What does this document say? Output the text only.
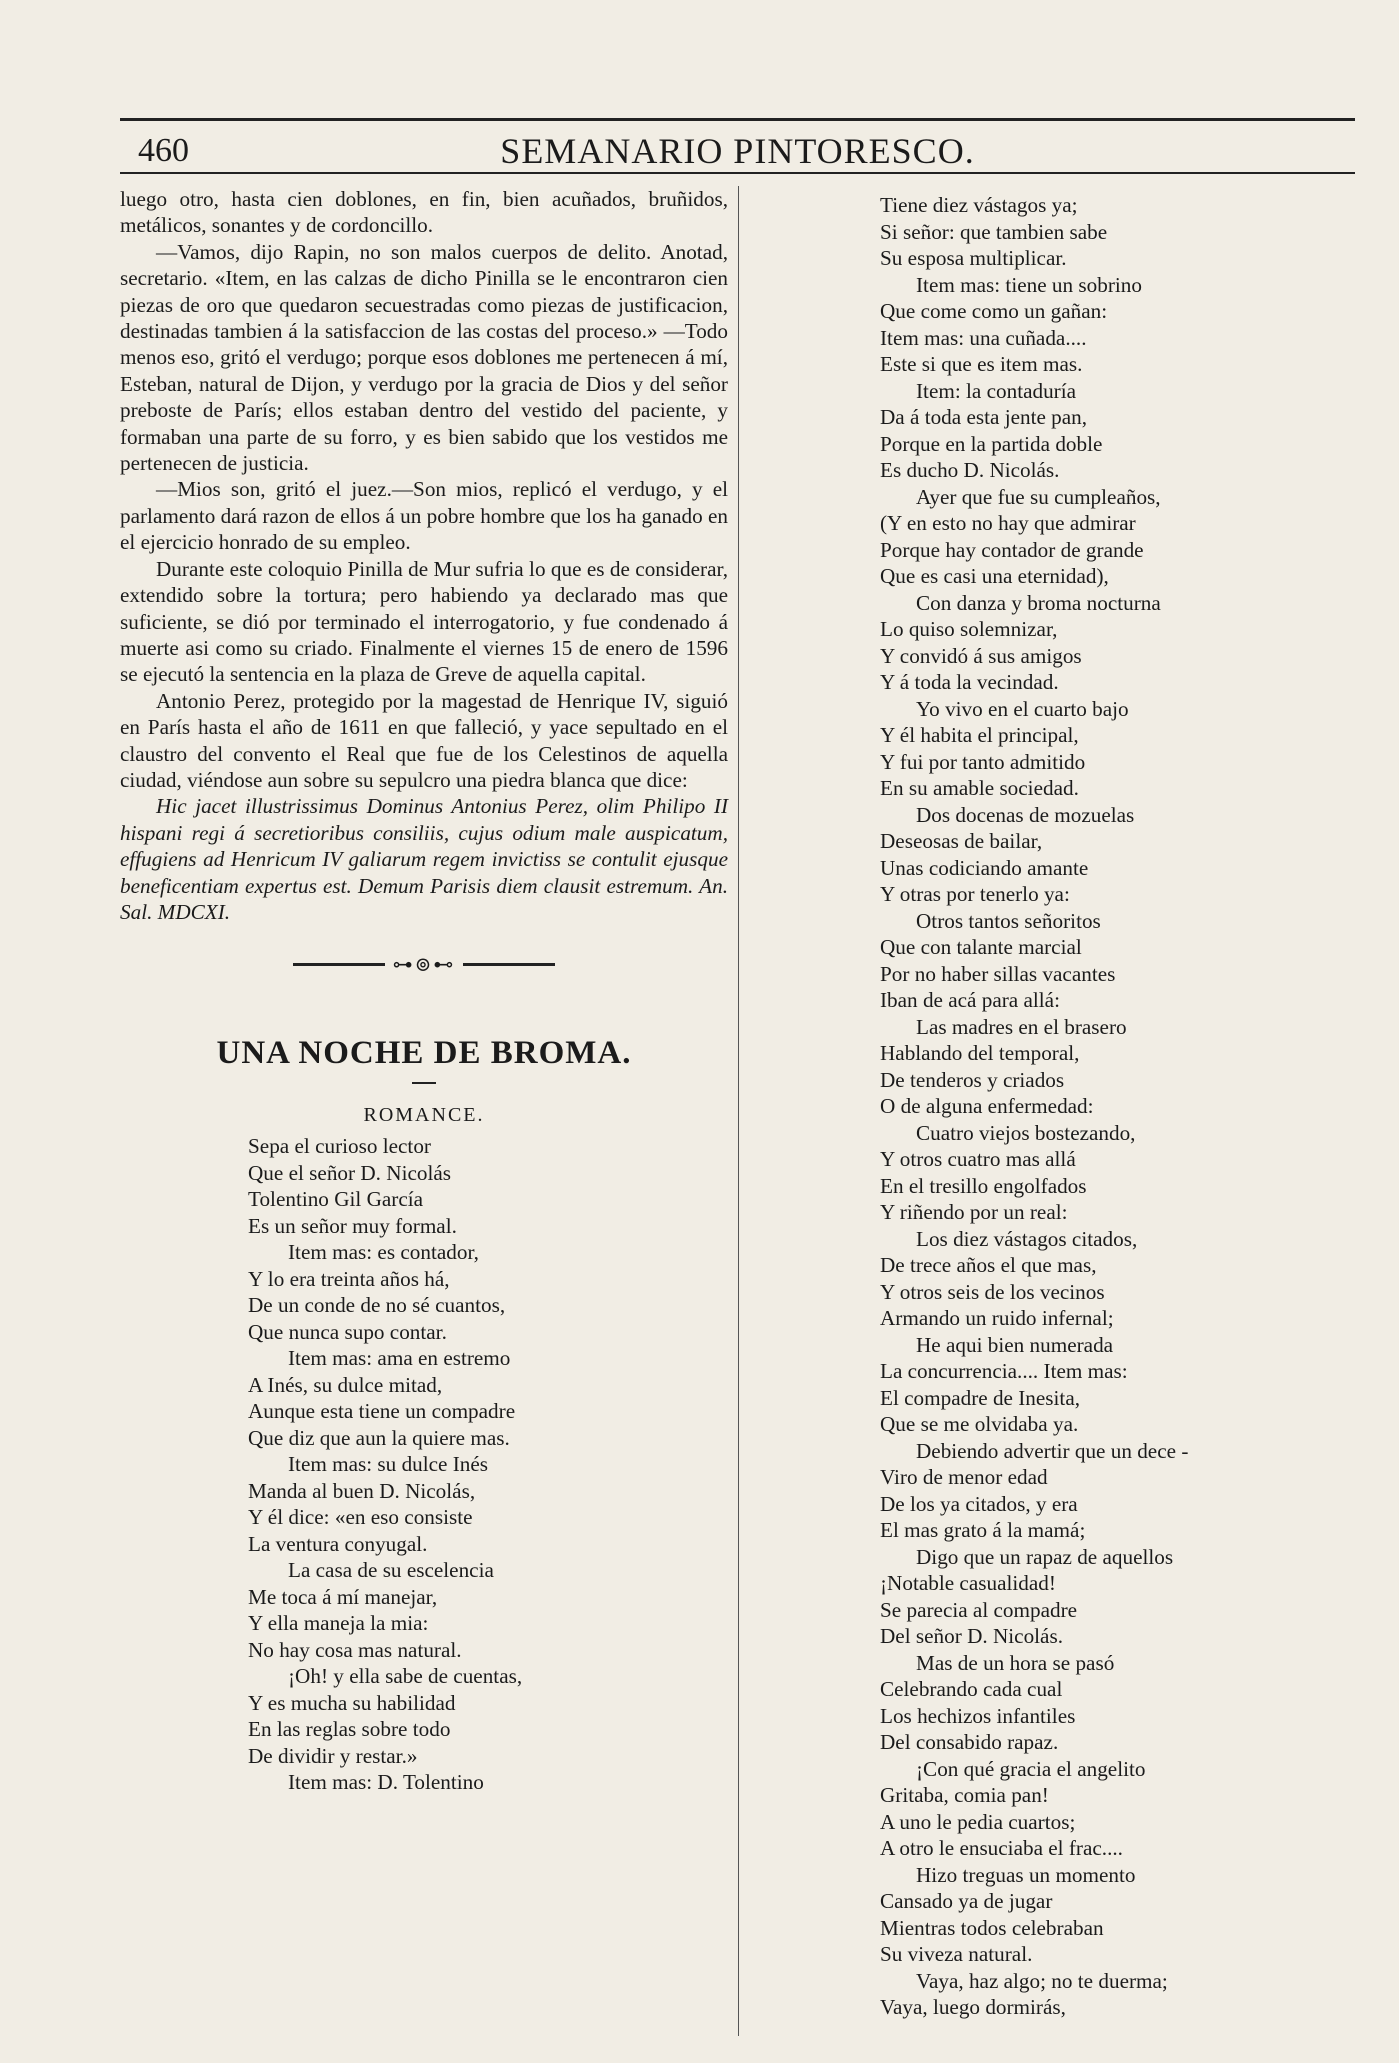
460	SEMANARIO PINTORESCO.

luego otro, hasta cien doblones, en fin, bien acuñados, bruñidos, metálicos, sonantes y de cordoncillo.

—Vamos, dijo Rapin, no son malos cuerpos de delito. Anotad, secretario. «Item, en las calzas de dicho Pinilla se le encontraron cien piezas de oro que quedaron secuestradas como piezas de justificacion, destinadas tambien á la satisfaccion de las costas del proceso.» —Todo menos eso, gritó el verdugo; porque esos doblones me pertenecen á mí, Esteban, natural de Dijon, y verdugo por la gracia de Dios y del señor preboste de París; ellos estaban dentro del vestido del paciente, y formaban una parte de su forro, y es bien sabido que los vestidos me pertenecen de justicia.

—Mios son, gritó el juez.—Son mios, replicó el verdugo, y el parlamento dará razon de ellos á un pobre hombre que los ha ganado en el ejercicio honrado de su empleo.

Durante este coloquio Pinilla de Mur sufria lo que es de considerar, extendido sobre la tortura; pero habiendo ya declarado mas que suficiente, se dió por terminado el interrogatorio, y fue condenado á muerte asi como su criado. Finalmente el viernes 15 de enero de 1596 se ejecutó la sentencia en la plaza de Greve de aquella capital.

Antonio Perez, protegido por la magestad de Henrique IV, siguió en París hasta el año de 1611 en que falleció, y yace sepultado en el claustro del convento el Real que fue de los Celestinos de aquella ciudad, viéndose aun sobre su sepulcro una piedra blanca que dice:

Hic jacet illustrissimus Dominus Antonius Perez, olim Philipo II hispani regi á secretioribus consiliis, cujus odium male auspicatum, effugiens ad Henricum IV galiarum regem invictiss se contulit ejusque beneficentiam expertus est. Demum Parisis diem clausit estremum. An. Sal. MDCXI.

⊶⊚⊷
UNA NOCHE DE BROMA.
ROMANCE.
Sepa el curioso lector
Que el señor D. Nicolás
Tolentino Gil García
Es un señor muy formal.
Item mas: es contador,
Y lo era treinta años há,
De un conde de no sé cuantos,
Que nunca supo contar.
Item mas: ama en estremo
A Inés, su dulce mitad,
Aunque esta tiene un compadre
Que diz que aun la quiere mas.
Item mas: su dulce Inés
Manda al buen D. Nicolás,
Y él dice: «en eso consiste
La ventura conyugal.
La casa de su escelencia
Me toca á mí manejar,
Y ella maneja la mia:
No hay cosa mas natural.
¡Oh! y ella sabe de cuentas,
Y es mucha su habilidad
En las reglas sobre todo
De dividir y restar.»
Item mas: D. Tolentino
Tiene diez vástagos ya;
Si señor: que tambien sabe
Su esposa multiplicar.
Item mas: tiene un sobrino
Que come como un gañan:
Item mas: una cuñada....
Este si que es item mas.
Item: la contaduría
Da á toda esta jente pan,
Porque en la partida doble
Es ducho D. Nicolás.
Ayer que fue su cumpleaños,
(Y en esto no hay que admirar
Porque hay contador de grande
Que es casi una eternidad),
Con danza y broma nocturna
Lo quiso solemnizar,
Y convidó á sus amigos
Y á toda la vecindad.
Yo vivo en el cuarto bajo
Y él habita el principal,
Y fui por tanto admitido
En su amable sociedad.
Dos docenas de mozuelas
Deseosas de bailar,
Unas codiciando amante
Y otras por tenerlo ya:
Otros tantos señoritos
Que con talante marcial
Por no haber sillas vacantes
Iban de acá para allá:
Las madres en el brasero
Hablando del temporal,
De tenderos y criados
O de alguna enfermedad:
Cuatro viejos bostezando,
Y otros cuatro mas allá
En el tresillo engolfados
Y riñendo por un real:
Los diez vástagos citados,
De trece años el que mas,
Y otros seis de los vecinos
Armando un ruido infernal;
He aqui bien numerada
La concurrencia.... Item mas:
El compadre de Inesita,
Que se me olvidaba ya.
Debiendo advertir que un dece -
Viro de menor edad
De los ya citados, y era
El mas grato á la mamá;
Digo que un rapaz de aquellos
¡Notable casualidad!
Se parecia al compadre
Del señor D. Nicolás.
Mas de un hora se pasó
Celebrando cada cual
Los hechizos infantiles
Del consabido rapaz.
¡Con qué gracia el angelito
Gritaba, comia pan!
A uno le pedia cuartos;
A otro le ensuciaba el frac....
Hizo treguas un momento
Cansado ya de jugar
Mientras todos celebraban
Su viveza natural.
Vaya, haz algo; no te duerma;
Vaya, luego dormirás,
